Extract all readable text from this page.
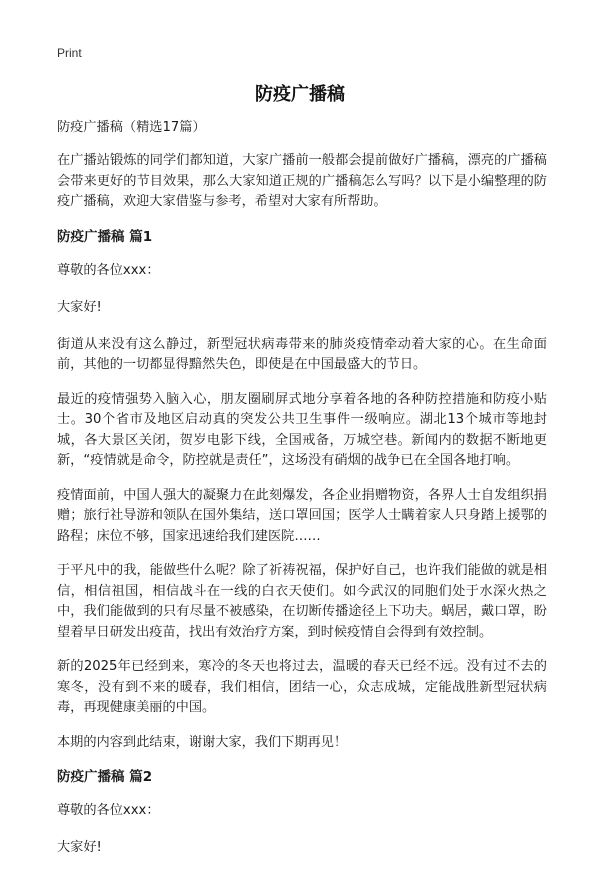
Print
防疫广播稿

防疫广播稿（精选17篇）

在广播站锻炼的同学们都知道，大家广播前一般都会提前做好广播稿，漂亮的广播稿会带来更好的节目效果，那么大家知道正规的广播稿怎么写吗？以下是小编整理的防疫广播稿，欢迎大家借鉴与参考，希望对大家有所帮助。

防疫广播稿 篇1

尊敬的各位xxx：

大家好!

街道从来没有这么静过，新型冠状病毒带来的肺炎疫情牵动着大家的心。在生命面前，其他的一切都显得黯然失色，即使是在中国最盛大的节日。

最近的疫情强势入脑入心，朋友圈刷屏式地分享着各地的各种防控措施和防疫小贴士。30个省市及地区启动真的突发公共卫生事件一级响应。湖北13个城市等地封城，各大景区关闭，贺岁电影下线，全国戒备，万城空巷。新闻内的数据不断地更新，“疫情就是命令，防控就是责任”，这场没有硝烟的战争已在全国各地打响。

疫情面前，中国人强大的凝聚力在此刻爆发，各企业捐赠物资，各界人士自发组织捐赠；旅行社导游和领队在国外集结，送口罩回国；医学人士瞒着家人只身踏上援鄂的路程；床位不够，国家迅速给我们建医院……

于平凡中的我，能做些什么呢？除了祈祷祝福，保护好自己，也许我们能做的就是相信，相信祖国，相信战斗在一线的白衣天使们。如今武汉的同胞们处于水深火热之中，我们能做到的只有尽量不被感染，在切断传播途径上下功夫。蜗居，戴口罩，盼望着早日研发出疫苗，找出有效治疗方案，到时候疫情自会得到有效控制。

新的2025年已经到来，寒冷的冬天也将过去，温暖的春天已经不远。没有过不去的寒冬，没有到不来的暖春，我们相信，团结一心，众志成城，定能战胜新型冠状病毒，再现健康美丽的中国。

本期的内容到此结束，谢谢大家，我们下期再见！

防疫广播稿 篇2

尊敬的各位xxx：

大家好!
